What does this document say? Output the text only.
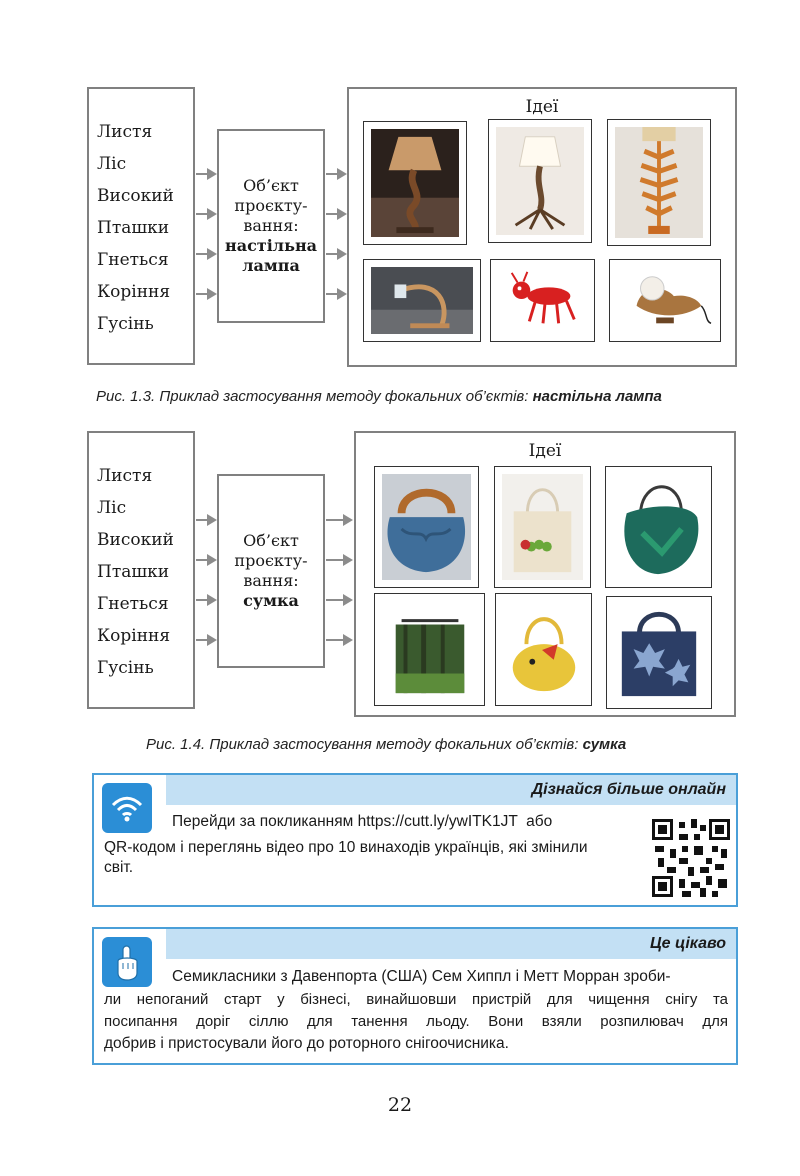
Листя
Ліс
Високий
Пташки
Гнеться
Коріння
Гусінь
Об’єкт
проєкту-
вання:
настільна
лампа
Ідеї
Рис. 1.3. Приклад застосування методу фокальних об’єктів: настільна лампа
Листя
Ліс
Високий
Пташки
Гнеться
Коріння
Гусінь
Об’єкт
проєкту-
вання:
сумка
Ідеї
Рис. 1.4. Приклад застосування методу фокальних об’єктів: сумка
Дізнайся більше онлайн
Перейди за покликанням https://cutt.ly/ywITK1JT  або
QR-кодом і переглянь відео про 10 винаходів українців, які змінили
світ.
Це цікаво
Семикласники з Давенпорта (США) Сем Хиппл і Метт Морран зроби-
ли непоганий старт у бізнесі, винайшовши пристрій для чищення снігу та
посипання доріг сіллю для танення льоду. Вони взяли розпилювач для
добрив і пристосували його до роторного снігоочисника.
22
